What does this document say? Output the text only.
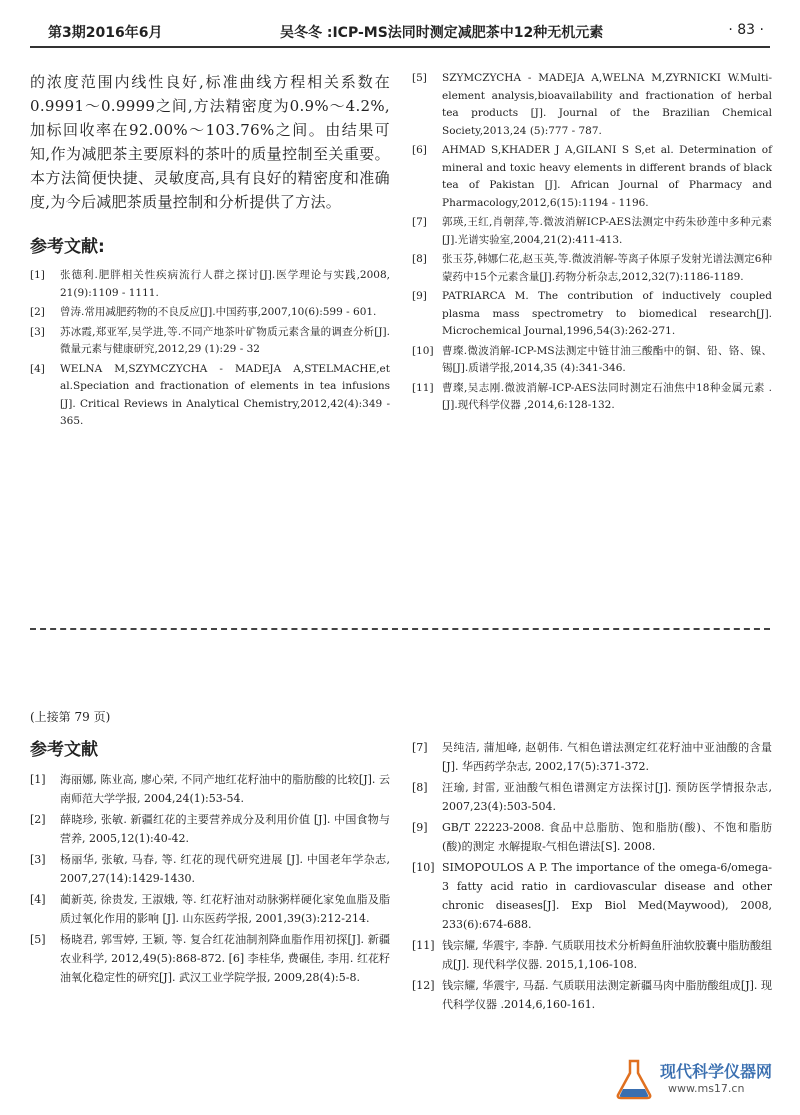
第3期2016年6月	吴冬冬 :ICP-MS法同时测定减肥茶中12种无机元素	· 83 ·

的浓度范围内线性良好,标准曲线方程相关系数在0.9991～0.9999之间,方法精密度为0.9%～4.2%,加标回收率在92.00%～103.76%之间。由结果可知,作为减肥茶主要原料的茶叶的质量控制至关重要。本方法简便快捷、灵敏度高,具有良好的精密度和准确度,为今后减肥茶质量控制和分析提供了方法。

参考文献:
[1]	张德利.肥胖相关性疾病流行人群之探讨[J].医学理论与实践,2008, 21(9):1109 - 1111.
[2]	曾涛.常用减肥药物的不良反应[J].中国药事,2007,10(6):599 - 601.
[3]	苏冰霞,郑亚军,吴学进,等.不同产地茶叶矿物质元素含量的调查分析[J].微量元素与健康研究,2012,29 (1):29 - 32
[4]	WELNA M,SZYMCZYCHA - MADEJA A,STELMACHE,et al.Speciation and fractionation of elements in tea infusions [J]. Critical Reviews in Analytical Chemistry,2012,42(4):349 - 365.
[5]	SZYMCZYCHA - MADEJA A,WELNA M,ZYRNICKI W.Multi-element analysis,bioavailability and fractionation of herbal tea products [J]. Journal of the Brazilian Chemical Society,2013,24 (5):777 - 787.
[6]	AHMAD S,KHADER J A,GILANI S S,et al. Determination of mineral and toxic heavy elements in different brands of black tea of Pakistan [J]. African Journal of Pharmacy and Pharmacology,2012,6(15):1194 - 1196.
[7]	郭瑛,王红,肖朝萍,等.微波消解ICP-AES法测定中药朱砂莲中多种元素 [J].光谱实验室,2004,21(2):411-413.
[8]	张玉芬,韩娜仁花,赵玉英,等.微波消解-等离子体原子发射光谱法测定6种蒙药中15个元素含量[J].药物分析杂志,2012,32(7):1186-1189.
[9]	PATRIARCA M. The contribution of inductively coupled plasma mass spectrometry to biomedical research[J]. Microchemical Journal,1996,54(3):262-271.
[10] 曹璨.微波消解-ICP-MS法测定中链甘油三酸酯中的铜、铅、铬、镍、锡[J].质谱学报,2014,35 (4):341-346.
[11] 曹璨,吴志刚.微波消解-ICP-AES法同时测定石油焦中18种金属元素 .[J].现代科学仪器 ,2014,6:128-132.
(上接第 79 页)
参考文献
[1]	海丽娜, 陈业高, 廖心荣, 不同产地红花籽油中的脂肪酸的比较[J]. 云南师范大学学报, 2004,24(1):53-54.
[2]	薛晓珍, 张敏. 新疆红花的主要营养成分及利用价值 [J]. 中国食物与营养, 2005,12(1):40-42.
[3]	杨丽华, 张敏, 马春, 等. 红花的现代研究进展 [J]. 中国老年学杂志, 2007,27(14):1429-1430.
[4]	蔺新英, 徐贵发, 王淑娥, 等. 红花籽油对动脉粥样硬化家兔血脂及脂质过氧化作用的影响 [J]. 山东医药学报, 2001,39(3):212-214.
[5]	杨晓君, 郭雪婷, 王颖, 等. 复合红花油制剂降血脂作用初探[J]. 新疆农业科学, 2012,49(5):868-872. [6] 李桂华, 费碾佳, 李用. 红花籽油氧化稳定性的研究[J]. 武汉工业学院学报, 2009,28(4):5-8.
[7]	吴纯洁, 蒲旭峰, 赵朝伟. 气相色谱法测定红花籽油中亚油酸的含量[J]. 华西药学杂志, 2002,17(5):371-372.
[8]	汪瑜, 封雷, 亚油酸气相色谱测定方法探讨[J]. 预防医学情报杂志, 2007,23(4):503-504.
[9]	GB/T 22223-2008. 食品中总脂肪、饱和脂肪(酸)、不饱和脂肪(酸)的测定 水解提取-气相色谱法[S]. 2008.
[10] SIMOPOULOS A P. The importance of the omega-6/omega-3 fatty acid ratio in cardiovascular disease and other chronic diseases[J]. Exp Biol Med(Maywood), 2008, 233(6):674-688.
[11] 钱宗耀, 华震宇, 李静. 气质联用技术分析鲟鱼肝油软胶囊中脂肪酸组成[J]. 现代科学仪器. 2015,1,106-108.
[12] 钱宗耀, 华震宇, 马磊. 气质联用法测定新疆马肉中脂肪酸组成[J]. 现代科学仪器 .2014,6,160-161.
现代科学仪器网
www.ms17.cn
